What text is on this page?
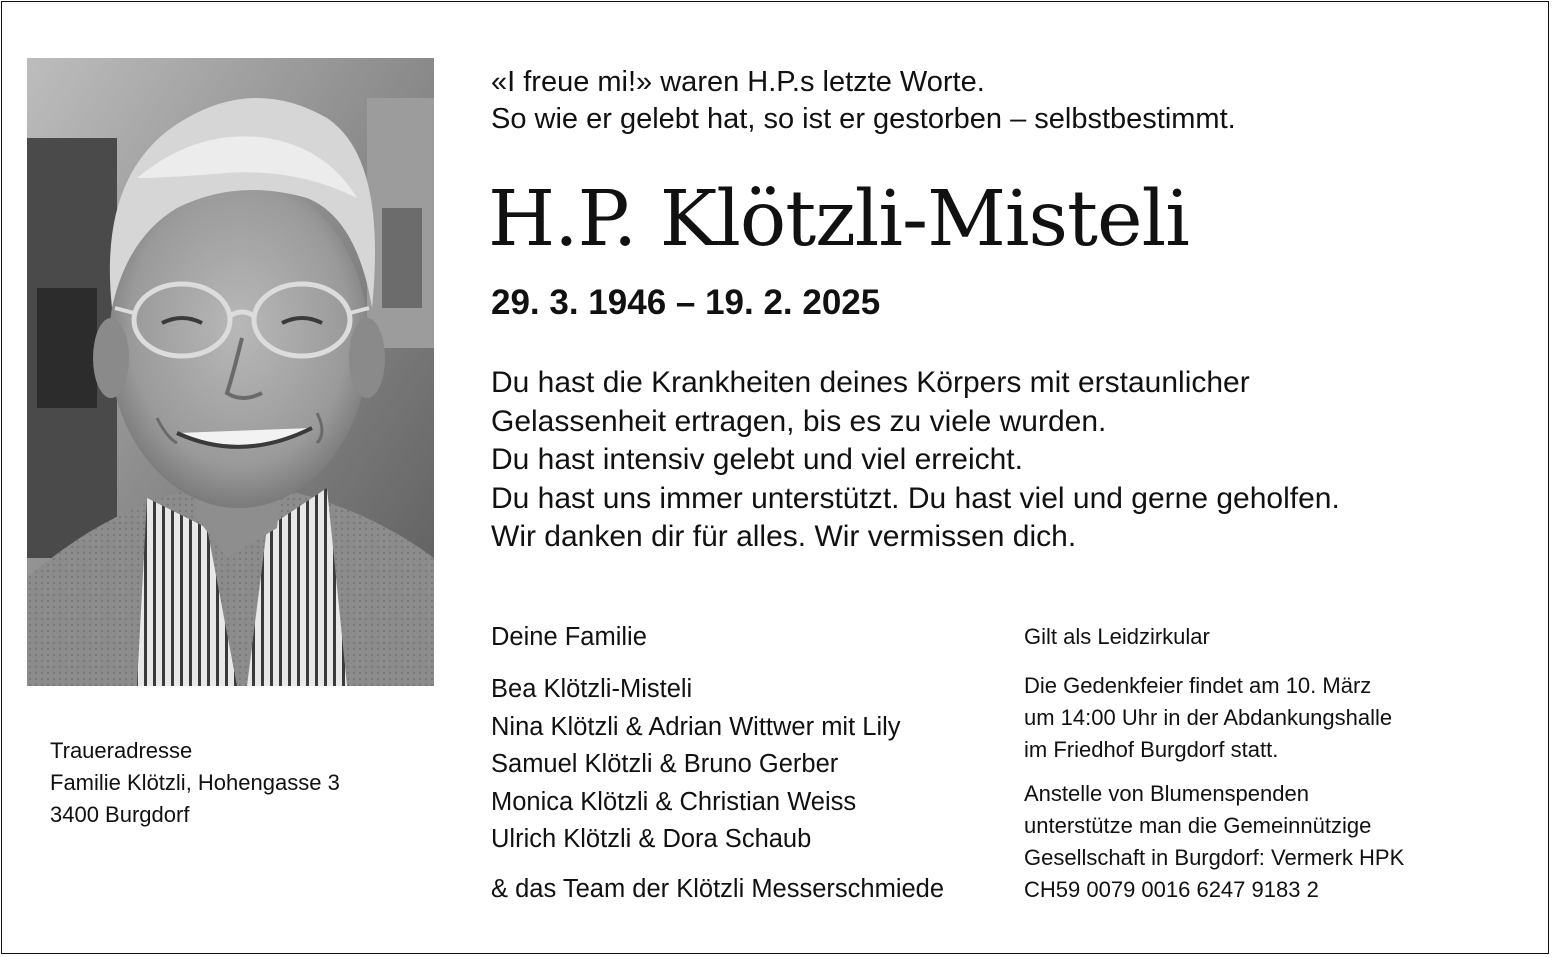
Traueradresse
Familie Klötzli, Hohengasse 3
3400 Burgdorf
«I freue mi!» waren H.P.s letzte Worte.
So wie er gelebt hat, so ist er gestorben – selbstbestimmt.
H.P. Klötzli-Misteli
29. 3. 1946 – 19. 2. 2025
Du hast die Krankheiten deines Körpers mit erstaunlicher
Gelassenheit ertragen, bis es zu viele wurden.
Du hast intensiv gelebt und viel erreicht.
Du hast uns immer unterstützt. Du hast viel und gerne geholfen.
Wir danken dir für alles. Wir vermissen dich.
Deine Familie
Bea Klötzli-Misteli
Nina Klötzli & Adrian Wittwer mit Lily
Samuel Klötzli & Bruno Gerber
Monica Klötzli & Christian Weiss
Ulrich Klötzli & Dora Schaub
& das Team der Klötzli Messerschmiede
Gilt als Leidzirkular
Die Gedenkfeier findet am 10. März
um 14:00 Uhr in der Abdankungshalle
im Friedhof Burgdorf statt.
Anstelle von Blumenspenden
unterstütze man die Gemeinnützige
Gesellschaft in Burgdorf: Vermerk HPK
CH59 0079 0016 6247 9183 2
